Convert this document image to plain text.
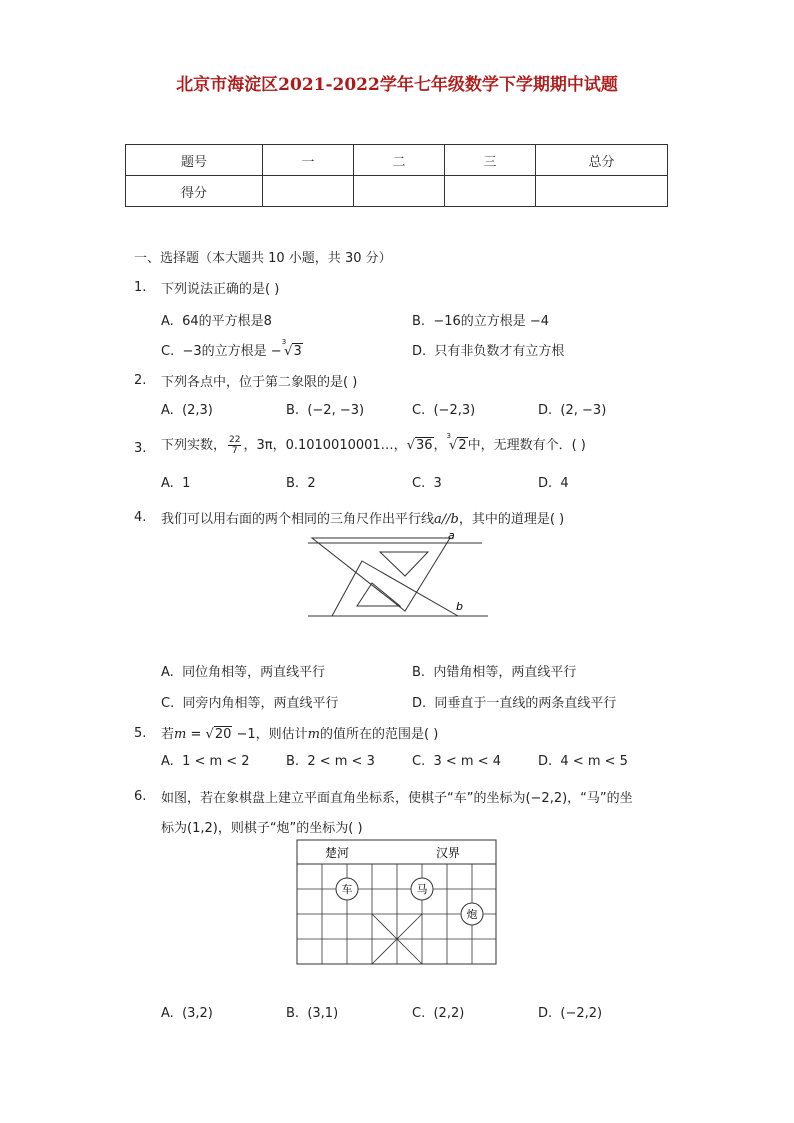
北京市海淀区2021-2022学年七年级数学下学期期中试题
题号	一	二	三	总分
得分				
一、选择题（本大题共 10 小题，共 30 分）
1. 下列说法正确的是( )
A. 64的平方根是8	B. −16的立方根是 −4
C. −3的立方根是 −$^3$√3	D. 只有非负数才有立方根
2. 下列各点中，位于第二象限的是( )
A. (2,3)	B. (−2, −3)	C. (−2,3)	D. (2, −3)
3. 下列实数， $\frac{22}{7}$ ，3π，0.1010010001…，√36，$^3$√2中，无理数有个．( )
A. 1	B. 2	C. 3	D. 4
4. 我们可以用右面的两个相同的三角尺作出平行线a//b，其中的道理是( )
a
b
A. 同位角相等，两直线平行	B. 内错角相等，两直线平行
C. 同旁内角相等，两直线平行	D. 同垂直于一直线的两条直线平行
5. 若m = √20 −1，则估计m的值所在的范围是( )
A. 1 < m < 2	B. 2 < m < 3	C. 3 < m < 4	D. 4 < m < 5
6. 如图，若在象棋盘上建立平面直角坐标系，使棋子“车”的坐标为(−2,2)，“马”的坐
标为(1,2)，则棋子“炮”的坐标为( )
楚河	汉界
车	马
炮
A. (3,2)	B. (3,1)	C. (2,2)	D. (−2,2)
